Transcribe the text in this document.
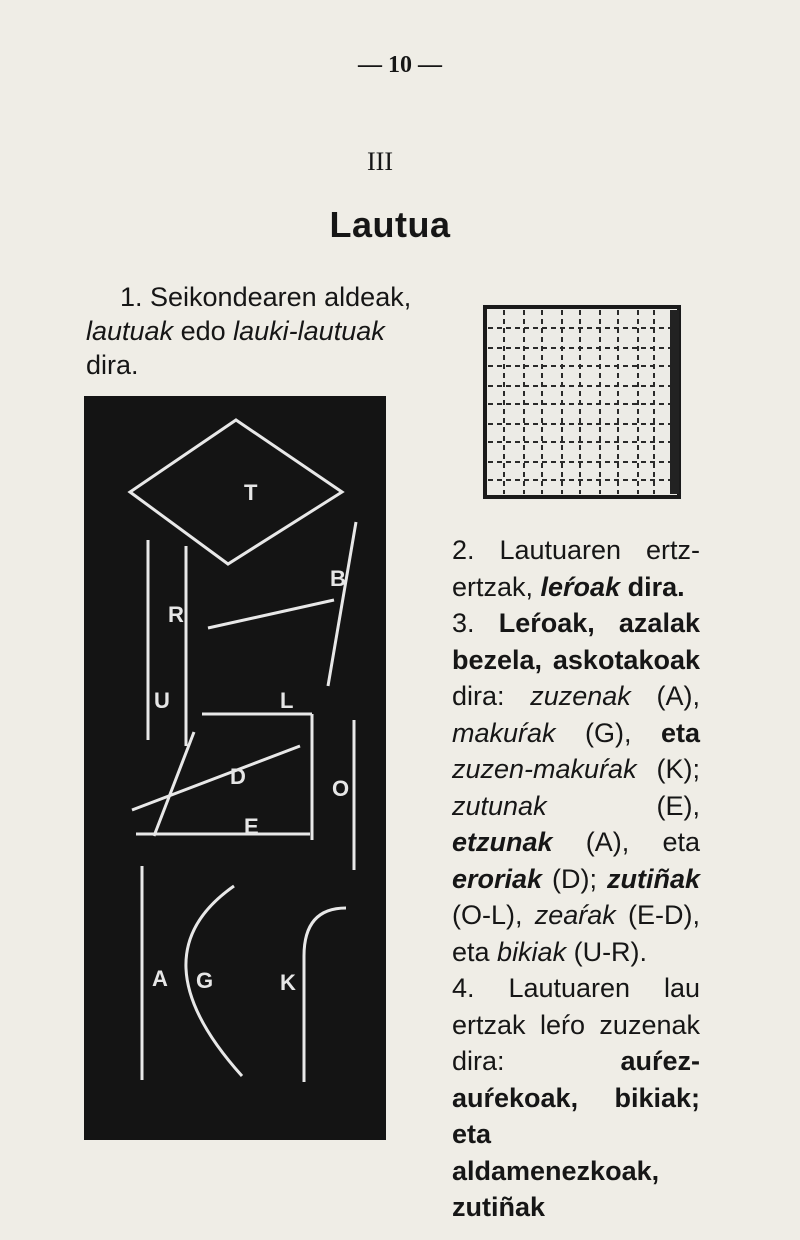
— 10 —
III
Lautua
1. Seikondearen aldeak,
lautuak edo lauki-lautuak
dira.
T
B
R
U	L
D	O
E
A G	K

2. Lautuaren ertz-ertzak, leŕoak dira.

3. Leŕoak, azalak bezela, askotakoak dira: zuzenak (A), makuŕak (G), eta zuzen-makuŕak (K); zutunak (E), etzunak (A), eta eroriak (D); zutiñak (O-L), zeaŕak (E-D), eta bikiak (U-R).

4. Lautuaren lau ertzak leŕo zuzenak dira: auŕez-auŕekoak, bikiak; eta aldamenezkoak, zutiñak
